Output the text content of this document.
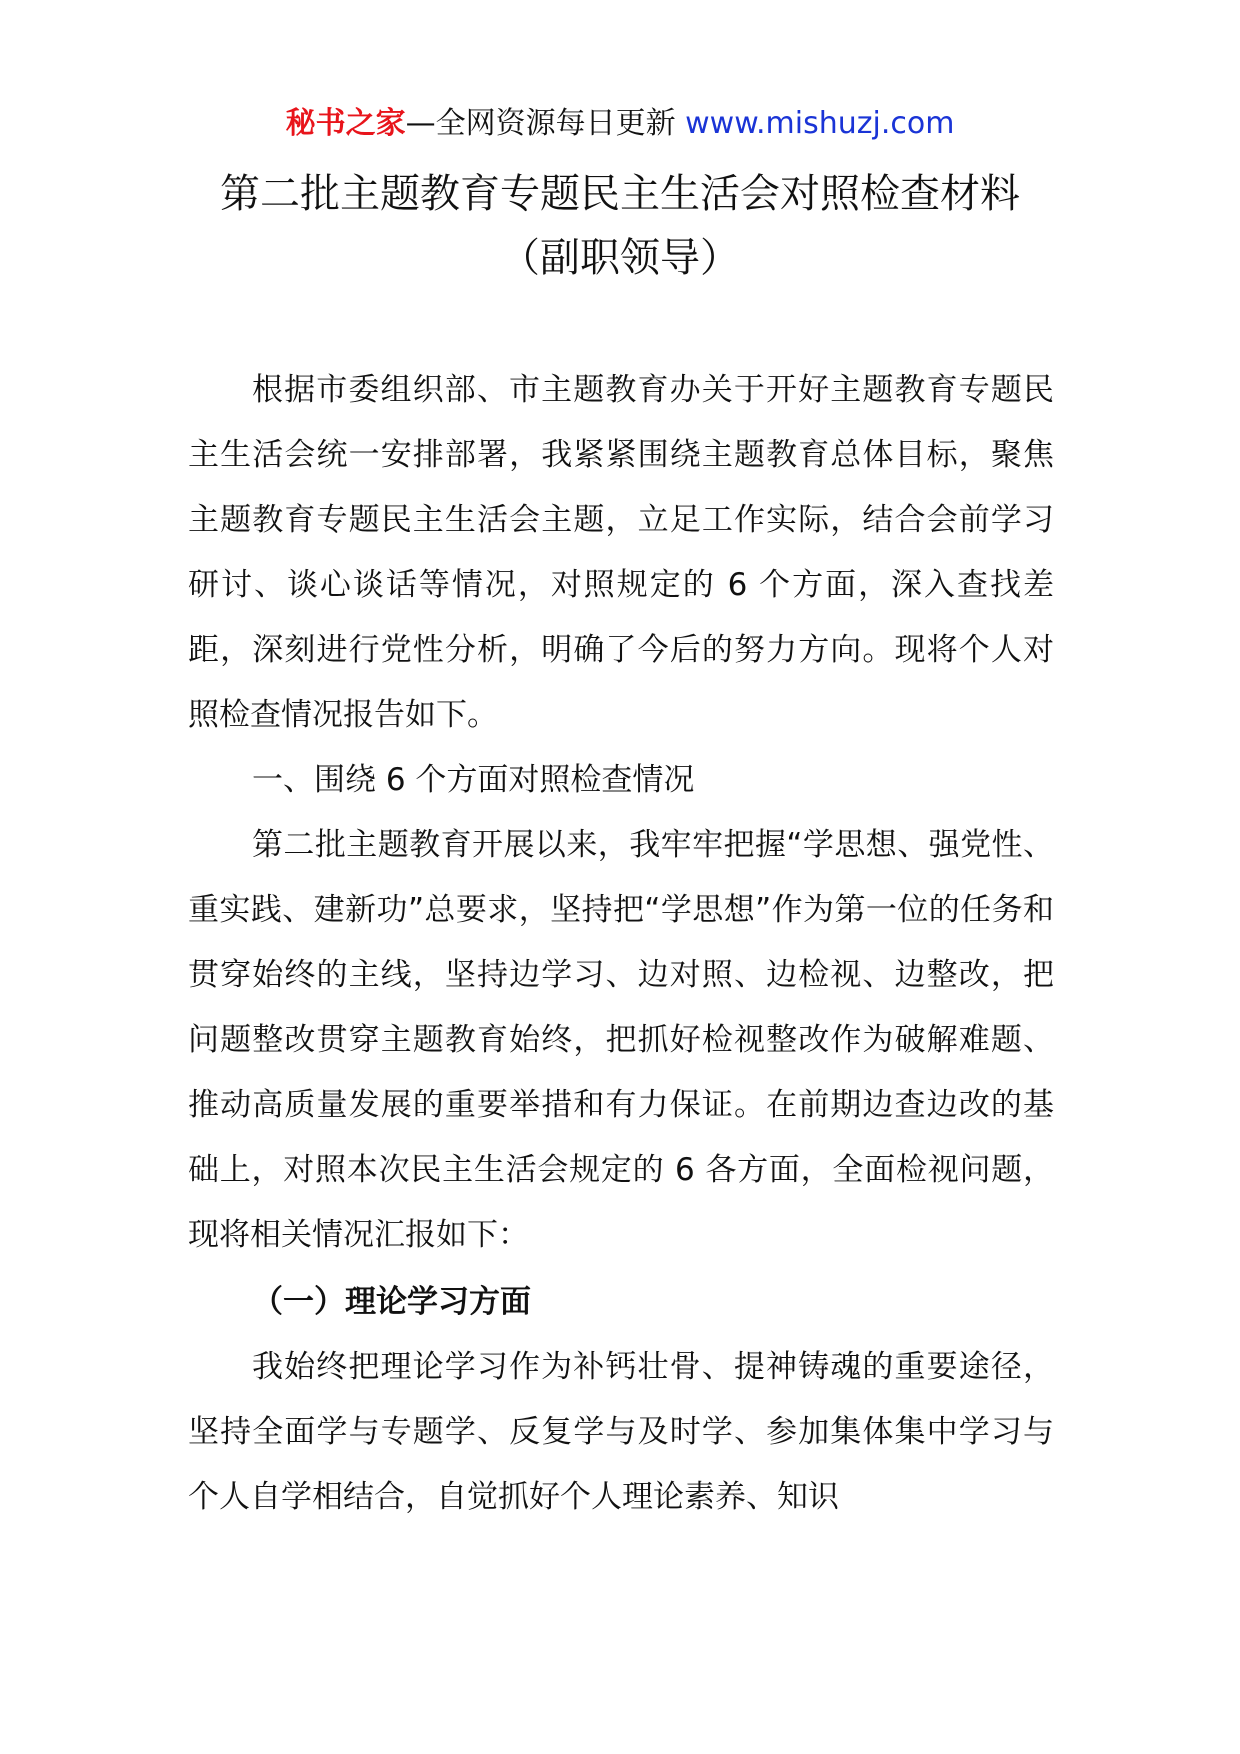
秘书之家—全网资源每日更新 www.mishuzj.com
第二批主题教育专题民主生活会对照检查材料
（副职领导）

根据市委组织部、市主题教育办关于开好主题教育专题民主生活会统一安排部署，我紧紧围绕主题教育总体目标，聚焦主题教育专题民主生活会主题，立足工作实际，结合会前学习研讨、谈心谈话等情况，对照规定的 6 个方面，深入查找差距，深刻进行党性分析，明确了今后的努力方向。现将个人对照检查情况报告如下。

一、围绕 6 个方面对照检查情况

第二批主题教育开展以来，我牢牢把握“学思想、强党性、重实践、建新功”总要求，坚持把“学思想”作为第一位的任务和贯穿始终的主线，坚持边学习、边对照、边检视、边整改，把问题整改贯穿主题教育始终，把抓好检视整改作为破解难题、推动高质量发展的重要举措和有力保证。在前期边查边改的基础上，对照本次民主生活会规定的 6 各方面，全面检视问题，现将相关情况汇报如下：

（一）理论学习方面

我始终把理论学习作为补钙壮骨、提神铸魂的重要途径，坚持全面学与专题学、反复学与及时学、参加集体集中学习与个人自学相结合，自觉抓好个人理论素养、知识
